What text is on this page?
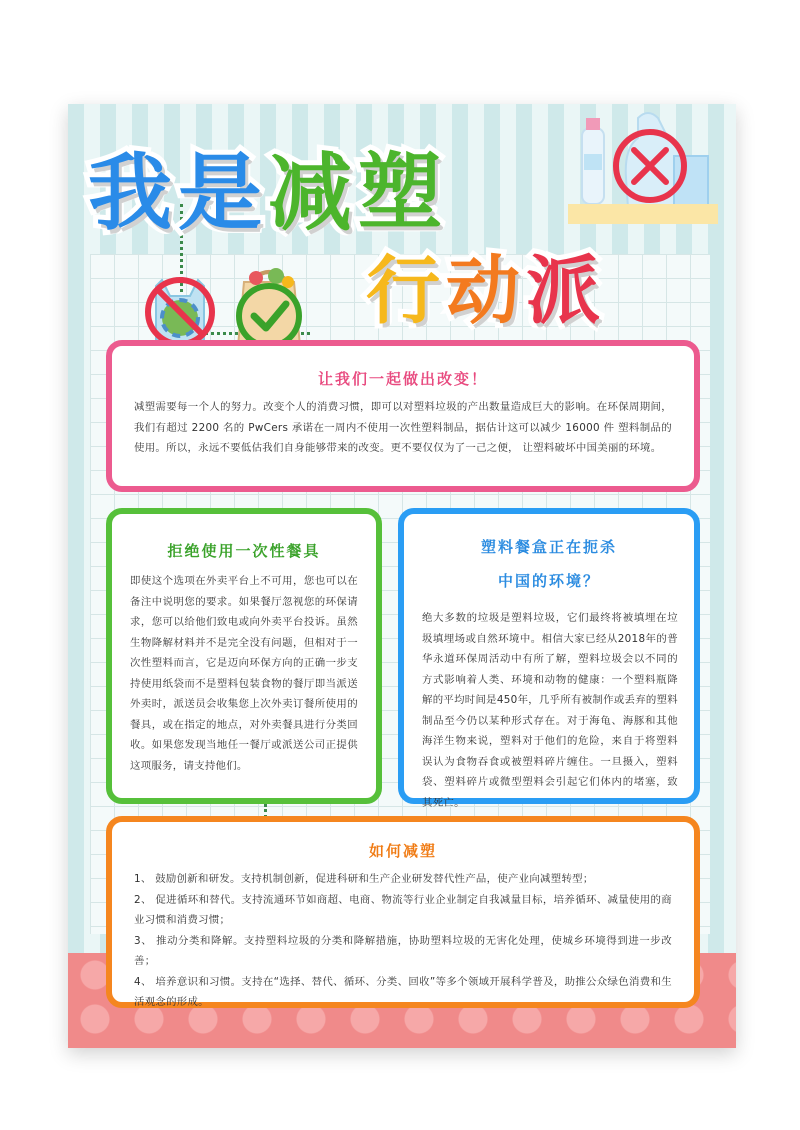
我是减塑
行动派
让我们一起做出改变！
减塑需要每一个人的努力。改变个人的消费习惯，即可以对塑料垃圾的产出数量造成巨大的影响。在环保周期间，我们有超过 2200 名的 PwCers 承诺在一周内不使用一次性塑料制品，据估计这可以减少 16000 件 塑料制品的使用。所以，永远不要低估我们自身能够带来的改变。更不要仅仅为了一己之便， 让塑料破坏中国美丽的环境。
拒绝使用一次性餐具
即使这个选项在外卖平台上不可用，您也可以在备注中说明您的要求。如果餐厅忽视您的环保请 求，您可以给他们致电或向外卖平台投诉。虽然生物降解材料并不是完全没有问题，但相对于一次性塑料而言，它是迈向环保方向的正确一步支持使用纸袋而不是塑料包装食物的餐厅即当派送外卖时，派送员会收集您上次外卖订餐所使用的餐具，或在指定的地点，对外卖餐具进行分类回收。如果您发现当地任一餐厅或派送公司正提供这项服务，请支持他们。
塑料餐盒正在扼杀
中国的环境？
绝大多数的垃圾是塑料垃圾，它们最终将被填埋在垃圾填埋场或自然环境中。相信大家已经从2018年的普华永道环保周活动中有所了解，塑料垃圾会以不同的方式影响着人类、环境和动物的健康：一个塑料瓶降解的平均时间是450年，几乎所有被制作或丢弃的塑料制品至今仍以某种形式存在。对于海龟、海豚和其他海洋生物来说，塑料对于他们的危险，来自于将塑料误认为食物吞食或被塑料碎片缠住。一旦摄入，塑料袋、塑料碎片或微型塑料会引起它们体内的堵塞，致其死亡。
如何减塑
1、 鼓励创新和研发。支持机制创新，促进科研和生产企业研发替代性产品，使产业向减塑转型；
2、 促进循环和替代。支持流通环节如商超、电商、物流等行业企业制定自我减量目标，培养循环、减量使用的商业习惯和消费习惯；
3、 推动分类和降解。支持塑料垃圾的分类和降解措施，协助塑料垃圾的无害化处理，使城乡环境得到进一步改善；
4、 培养意识和习惯。支持在“选择、替代、循环、分类、回收”等多个领域开展科学普及，助推公众绿色消费和生活观念的形成。
